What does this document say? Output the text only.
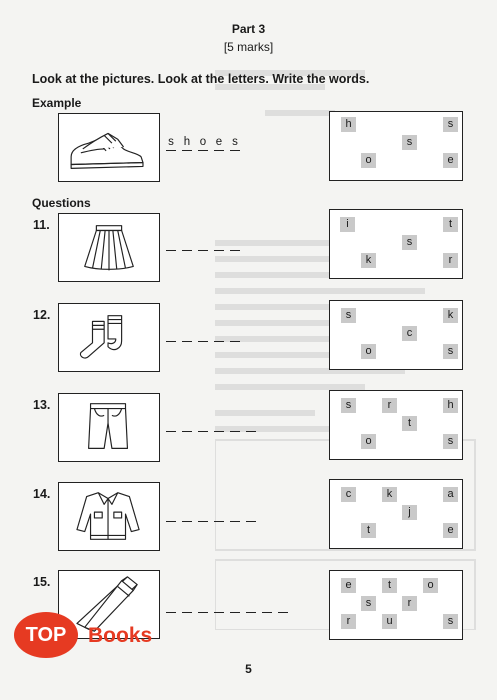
Part 3
[5 marks]
Look at the pictures. Look at the letters. Write the words.
Example
s h o e s
h	s
s
o	e
Questions
11.	i	t
s
k	r
12.	s	k
c
o	s
13.	s	r	h
t
o	s
14.	c	k	a
j
t	e
15.	e	t	o
s	r
r	u	s
5
TOP	Books
